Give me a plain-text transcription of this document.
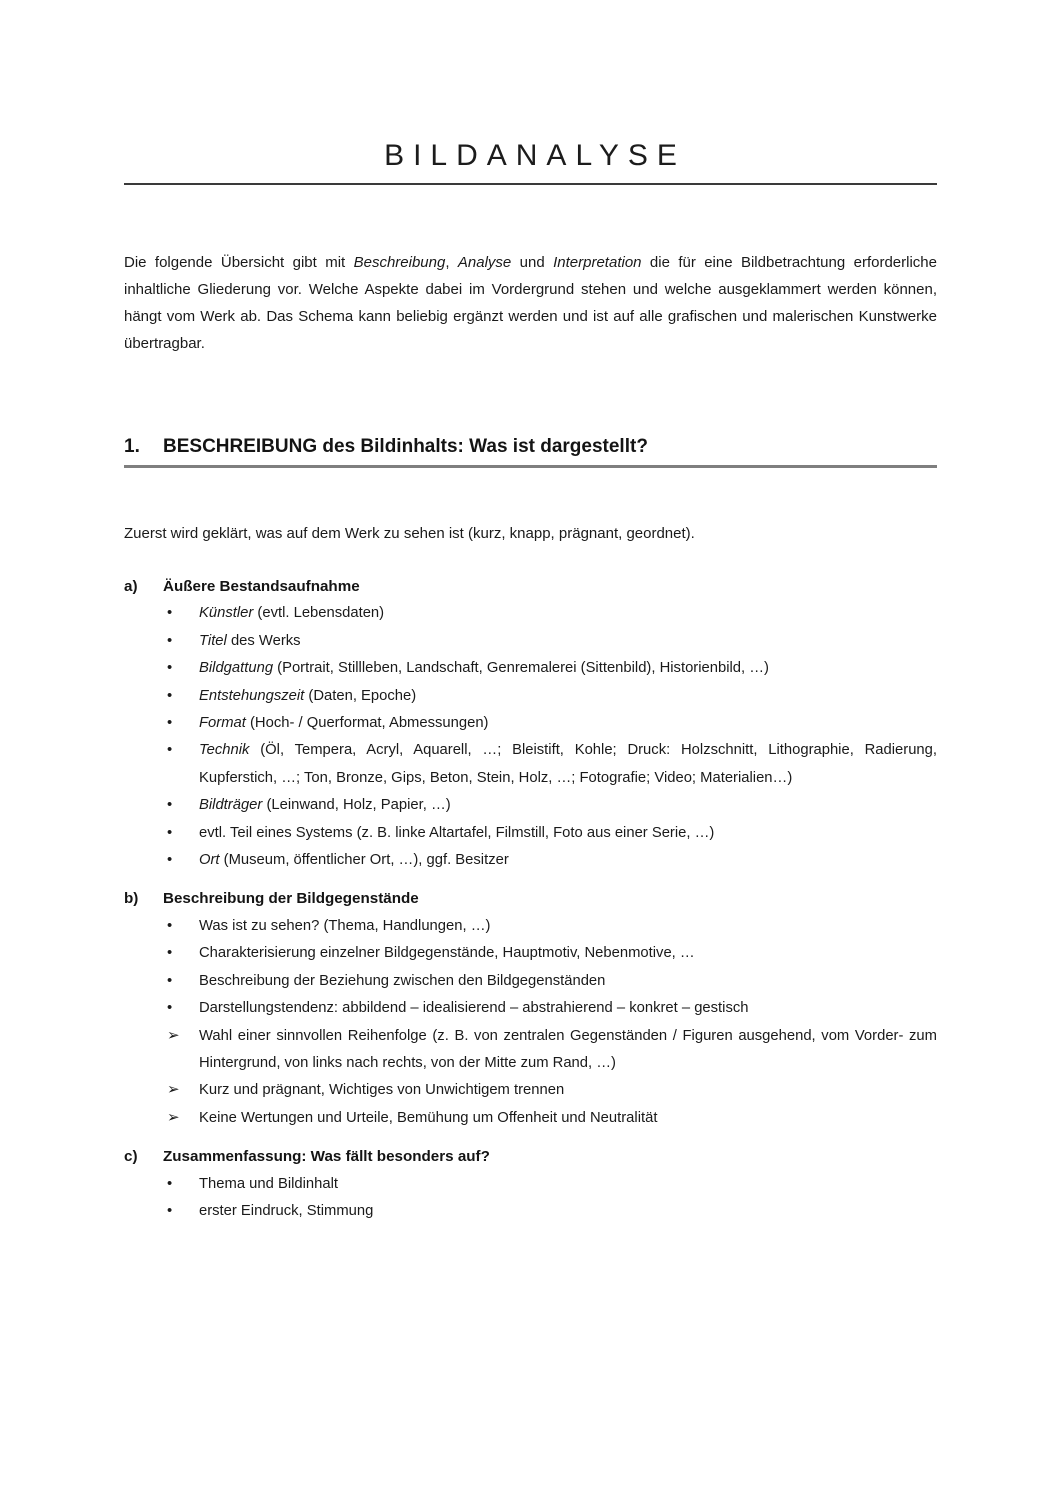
BILDANALYSE

Die folgende Übersicht gibt mit Beschreibung, Analyse und Interpretation die für eine Bildbetrachtung erforderliche inhaltliche Gliederung vor. Welche Aspekte dabei im Vordergrund stehen und welche ausgeklammert werden können, hängt vom Werk ab. Das Schema kann beliebig ergänzt werden und ist auf alle grafischen und malerischen Kunstwerke übertragbar.

1. BESCHREIBUNG des Bildinhalts: Was ist dargestellt?

Zuerst wird geklärt, was auf dem Werk zu sehen ist (kurz, knapp, prägnant, geordnet).

a) Äußere Bestandsaufnahme
• Künstler (evtl. Lebensdaten)
• Titel des Werks
• Bildgattung (Portrait, Stillleben, Landschaft, Genremalerei (Sittenbild), Historienbild, …)
• Entstehungszeit (Daten, Epoche)
• Format (Hoch- / Querformat, Abmessungen)
• Technik (Öl, Tempera, Acryl, Aquarell, …; Bleistift, Kohle; Druck: Holzschnitt, Lithographie, Radierung, Kupferstich, …; Ton, Bronze, Gips, Beton, Stein, Holz, …; Fotografie; Video; Materialien…)
• Bildträger (Leinwand, Holz, Papier, …)
• evtl. Teil eines Systems (z. B. linke Altartafel, Filmstill, Foto aus einer Serie, …)
• Ort (Museum, öffentlicher Ort, …), ggf. Besitzer
b) Beschreibung der Bildgegenstände
• Was ist zu sehen? (Thema, Handlungen, …)
• Charakterisierung einzelner Bildgegenstände, Hauptmotiv, Nebenmotive, …
• Beschreibung der Beziehung zwischen den Bildgegenständen
• Darstellungstendenz: abbildend – idealisierend – abstrahierend – konkret – gestisch
➢ Wahl einer sinnvollen Reihenfolge (z. B. von zentralen Gegenständen / Figuren ausgehend, vom Vorder- zum Hintergrund, von links nach rechts, von der Mitte zum Rand, …)
➢ Kurz und prägnant, Wichtiges von Unwichtigem trennen
➢ Keine Wertungen und Urteile, Bemühung um Offenheit und Neutralität
c) Zusammenfassung: Was fällt besonders auf?
• Thema und Bildinhalt
• erster Eindruck, Stimmung
